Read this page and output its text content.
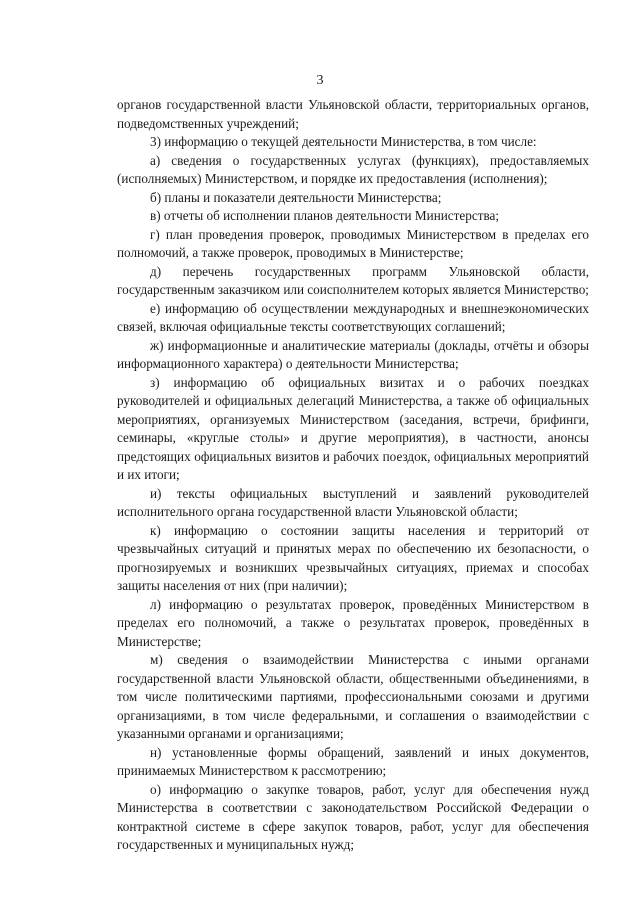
3

органов государственной власти Ульяновской области, территориальных органов, подведомственных учреждений;

3) информацию о текущей деятельности Министерства, в том числе:

а) сведения о государственных услугах (функциях), предоставляемых (исполняемых) Министерством, и порядке их предоставления (исполнения);

б) планы и показатели деятельности Министерства;

в) отчеты об исполнении планов деятельности Министерства;

г) план проведения проверок, проводимых Министерством в пределах его полномочий, а также проверок, проводимых в Министерстве;

д) перечень государственных программ Ульяновской области, государственным заказчиком или соисполнителем которых является Министерство;

е) информацию об осуществлении международных и внешнеэкономических связей, включая официальные тексты соответствующих соглашений;

ж) информационные и аналитические материалы (доклады, отчёты и обзоры информационного характера) о деятельности Министерства;

з) информацию об официальных визитах и о рабочих поездках руководителей и официальных делегаций Министерства, а также об официальных мероприятиях, организуемых Министерством (заседания, встречи, брифинги, семинары, «круглые столы» и другие мероприятия), в частности, анонсы предстоящих официальных визитов и рабочих поездок, официальных мероприятий и их итоги;

и) тексты официальных выступлений и заявлений руководителей исполнительного органа государственной власти Ульяновской области;

к) информацию о состоянии защиты населения и территорий от чрезвычайных ситуаций и принятых мерах по обеспечению их безопасности, о прогнозируемых и возникших чрезвычайных ситуациях, приемах и способах защиты населения от них (при наличии);

л) информацию о результатах проверок, проведённых Министерством в пределах его полномочий, а также о результатах проверок, проведённых в Министерстве;

м) сведения о взаимодействии Министерства с иными органами государственной власти Ульяновской области, общественными объединениями, в том числе политическими партиями, профессиональными союзами и другими организациями, в том числе федеральными, и соглашения о взаимодействии с указанными органами и организациями;

н) установленные формы обращений, заявлений и иных документов, принимаемых Министерством к рассмотрению;

о) информацию о закупке товаров, работ, услуг для обеспечения нужд Министерства в соответствии с законодательством Российской Федерации о контрактной системе в сфере закупок товаров, работ, услуг для обеспечения государственных и муниципальных нужд;
